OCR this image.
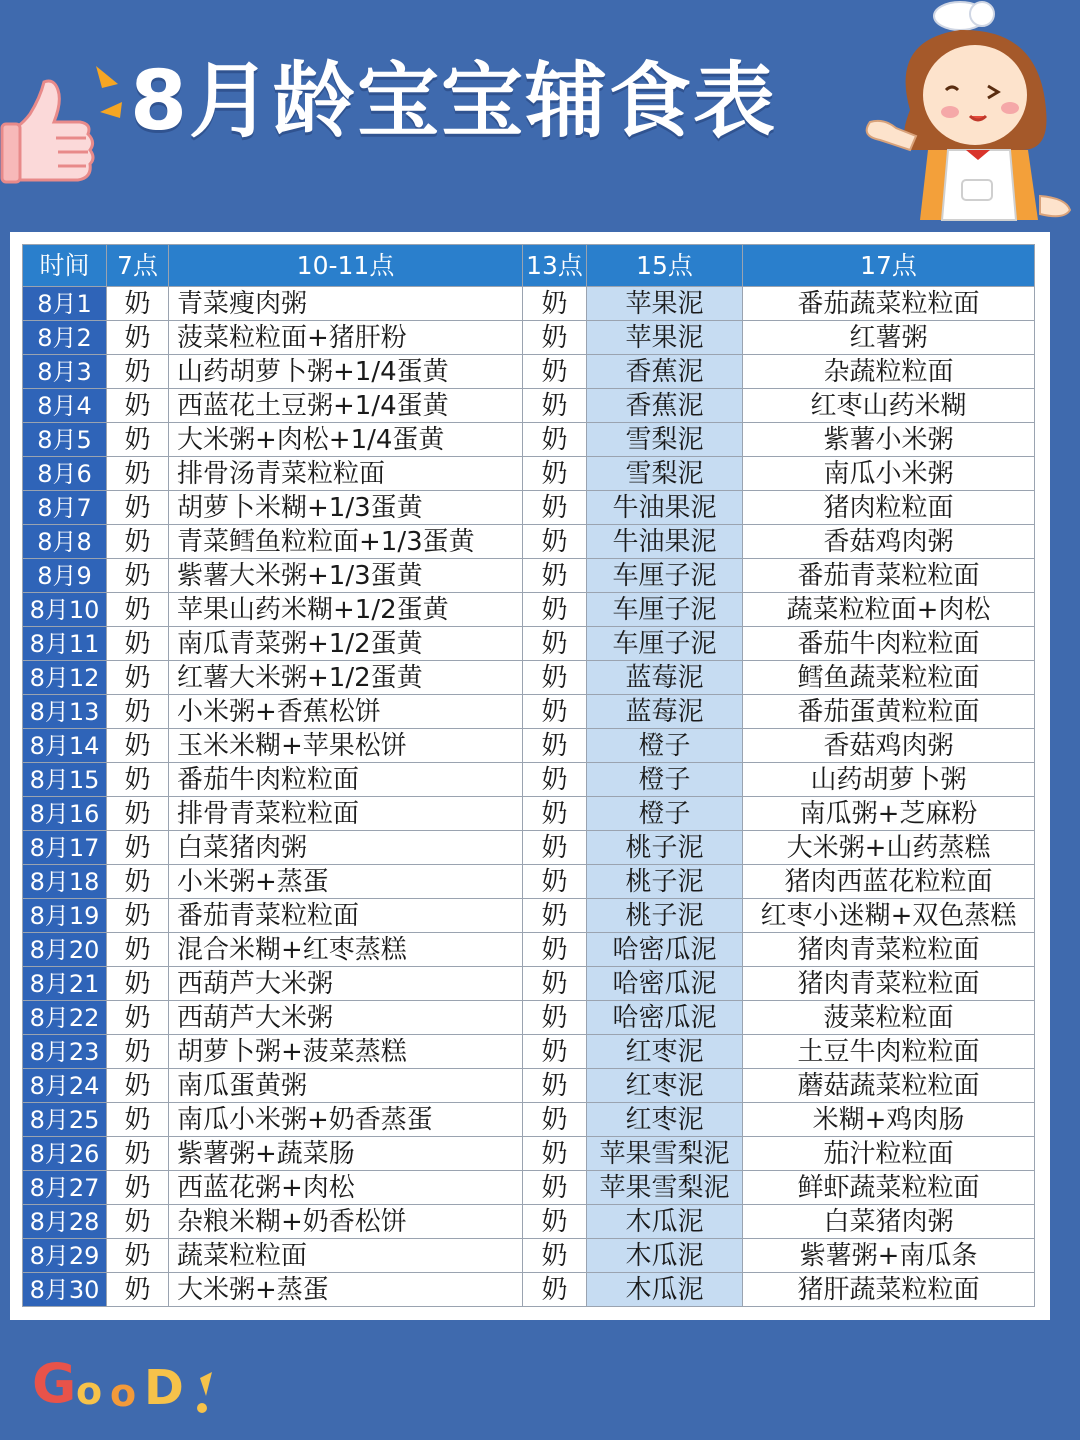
8月龄宝宝辅食表
时间	7点	10-11点	13点	15点	17点
8月1	奶	青菜瘦肉粥	奶	苹果泥	番茄蔬菜粒粒面
8月2	奶	菠菜粒粒面+猪肝粉	奶	苹果泥	红薯粥
8月3	奶	山药胡萝卜粥+1/4蛋黄	奶	香蕉泥	杂蔬粒粒面
8月4	奶	西蓝花土豆粥+1/4蛋黄	奶	香蕉泥	红枣山药米糊
8月5	奶	大米粥+肉松+1/4蛋黄	奶	雪梨泥	紫薯小米粥
8月6	奶	排骨汤青菜粒粒面	奶	雪梨泥	南瓜小米粥
8月7	奶	胡萝卜米糊+1/3蛋黄	奶	牛油果泥	猪肉粒粒面
8月8	奶	青菜鳕鱼粒粒面+1/3蛋黄	奶	牛油果泥	香菇鸡肉粥
8月9	奶	紫薯大米粥+1/3蛋黄	奶	车厘子泥	番茄青菜粒粒面
8月10	奶	苹果山药米糊+1/2蛋黄	奶	车厘子泥	蔬菜粒粒面+肉松
8月11	奶	南瓜青菜粥+1/2蛋黄	奶	车厘子泥	番茄牛肉粒粒面
8月12	奶	红薯大米粥+1/2蛋黄	奶	蓝莓泥	鳕鱼蔬菜粒粒面
8月13	奶	小米粥+香蕉松饼	奶	蓝莓泥	番茄蛋黄粒粒面
8月14	奶	玉米米糊+苹果松饼	奶	橙子	香菇鸡肉粥
8月15	奶	番茄牛肉粒粒面	奶	橙子	山药胡萝卜粥
8月16	奶	排骨青菜粒粒面	奶	橙子	南瓜粥+芝麻粉
8月17	奶	白菜猪肉粥	奶	桃子泥	大米粥+山药蒸糕
8月18	奶	小米粥+蒸蛋	奶	桃子泥	猪肉西蓝花粒粒面
8月19	奶	番茄青菜粒粒面	奶	桃子泥	红枣小迷糊+双色蒸糕
8月20	奶	混合米糊+红枣蒸糕	奶	哈密瓜泥	猪肉青菜粒粒面
8月21	奶	西葫芦大米粥	奶	哈密瓜泥	猪肉青菜粒粒面
8月22	奶	西葫芦大米粥	奶	哈密瓜泥	菠菜粒粒面
8月23	奶	胡萝卜粥+菠菜蒸糕	奶	红枣泥	土豆牛肉粒粒面
8月24	奶	南瓜蛋黄粥	奶	红枣泥	蘑菇蔬菜粒粒面
8月25	奶	南瓜小米粥+奶香蒸蛋	奶	红枣泥	米糊+鸡肉肠
8月26	奶	紫薯粥+蔬菜肠	奶	苹果雪梨泥	茄汁粒粒面
8月27	奶	西蓝花粥+肉松	奶	苹果雪梨泥	鲜虾蔬菜粒粒面
8月28	奶	杂粮米糊+奶香松饼	奶	木瓜泥	白菜猪肉粥
8月29	奶	蔬菜粒粒面	奶	木瓜泥	紫薯粥+南瓜条
8月30	奶	大米粥+蒸蛋	奶	木瓜泥	猪肝蔬菜粒粒面
G o o D
